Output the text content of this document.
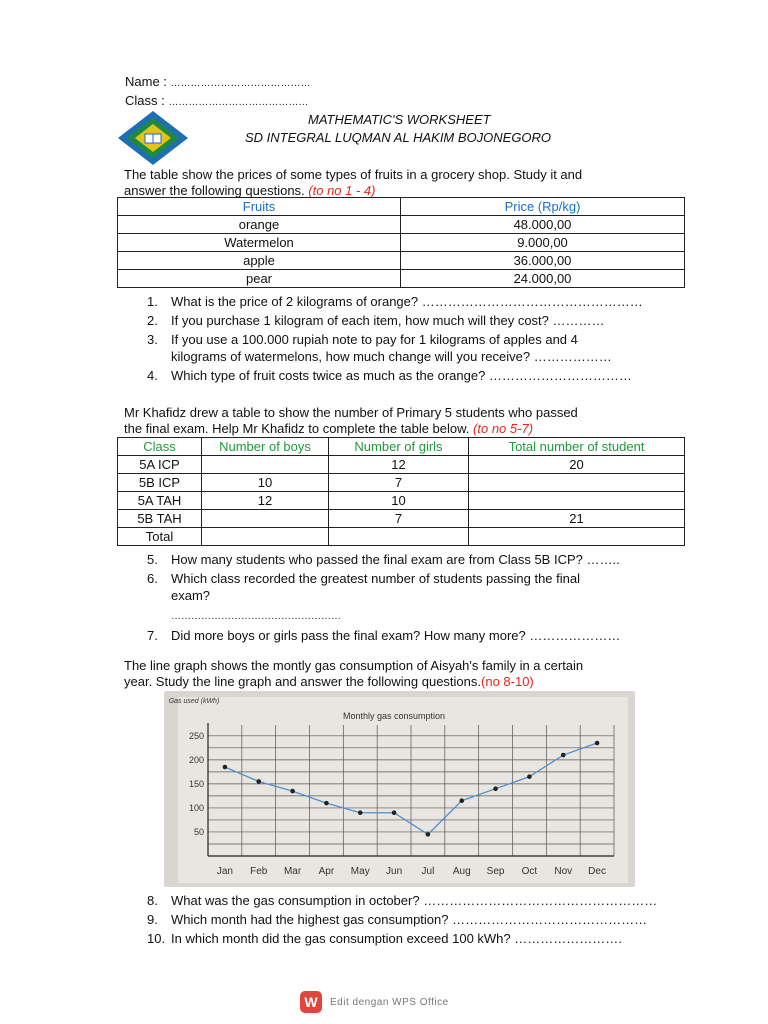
Name : ……………………………………
Class : ……………………………………
MATHEMATIC'S WORKSHEET
SD INTEGRAL LUQMAN AL HAKIM BOJONEGORO
The table show the prices of some types of fruits in a grocery shop. Study it and
answer the following questions. (to no 1 - 4)
Fruits	Price (Rp/kg)
orange	48.000,00
Watermelon	9.000,00
apple	36.000,00
pear	24.000,00
1. What is the price of 2 kilograms of orange? ……………………………………………
2. If you purchase 1 kilogram of each item, how much will they cost? …………
3. If you use a 100.000 rupiah note to pay for 1 kilograms of apples and 4
kilograms of watermelons, how much change will you receive? ………………
4. Which type of fruit costs twice as much as the orange? ……………………………
Mr Khafidz drew a table to show the number of Primary 5 students who passed
the final exam. Help Mr Khafidz to complete the table below. (to no 5-7)
Class	Number of boys	Number of girls	Total number of student
5A ICP		12	20
5B ICP	10	7	
5A TAH	12	10	
5B TAH		7	21
Total			
5. How many students who passed the final exam are from Class 5B ICP? ……..
6. Which class recorded the greatest number of students passing the final
exam?
……………………………………………
7. Did more boys or girls pass the final exam? How many more? …………………
The line graph shows the montly gas consumption of Aisyah's family in a certain
year. Study the line graph and answer the following questions.(no 8-10)
50
100
150
200
250
Jan Feb Mar Apr May Jun Jul Aug Sep Oct Nov Dec
Monthly gas consumption
Gas used (kWh)
8. What was the gas consumption in october? ………………………………………………
9. Which month had the highest gas consumption? ………………………………………
10. In which month did the gas consumption exceed 100 kWh? …………………….
W	Edit dengan WPS Office
